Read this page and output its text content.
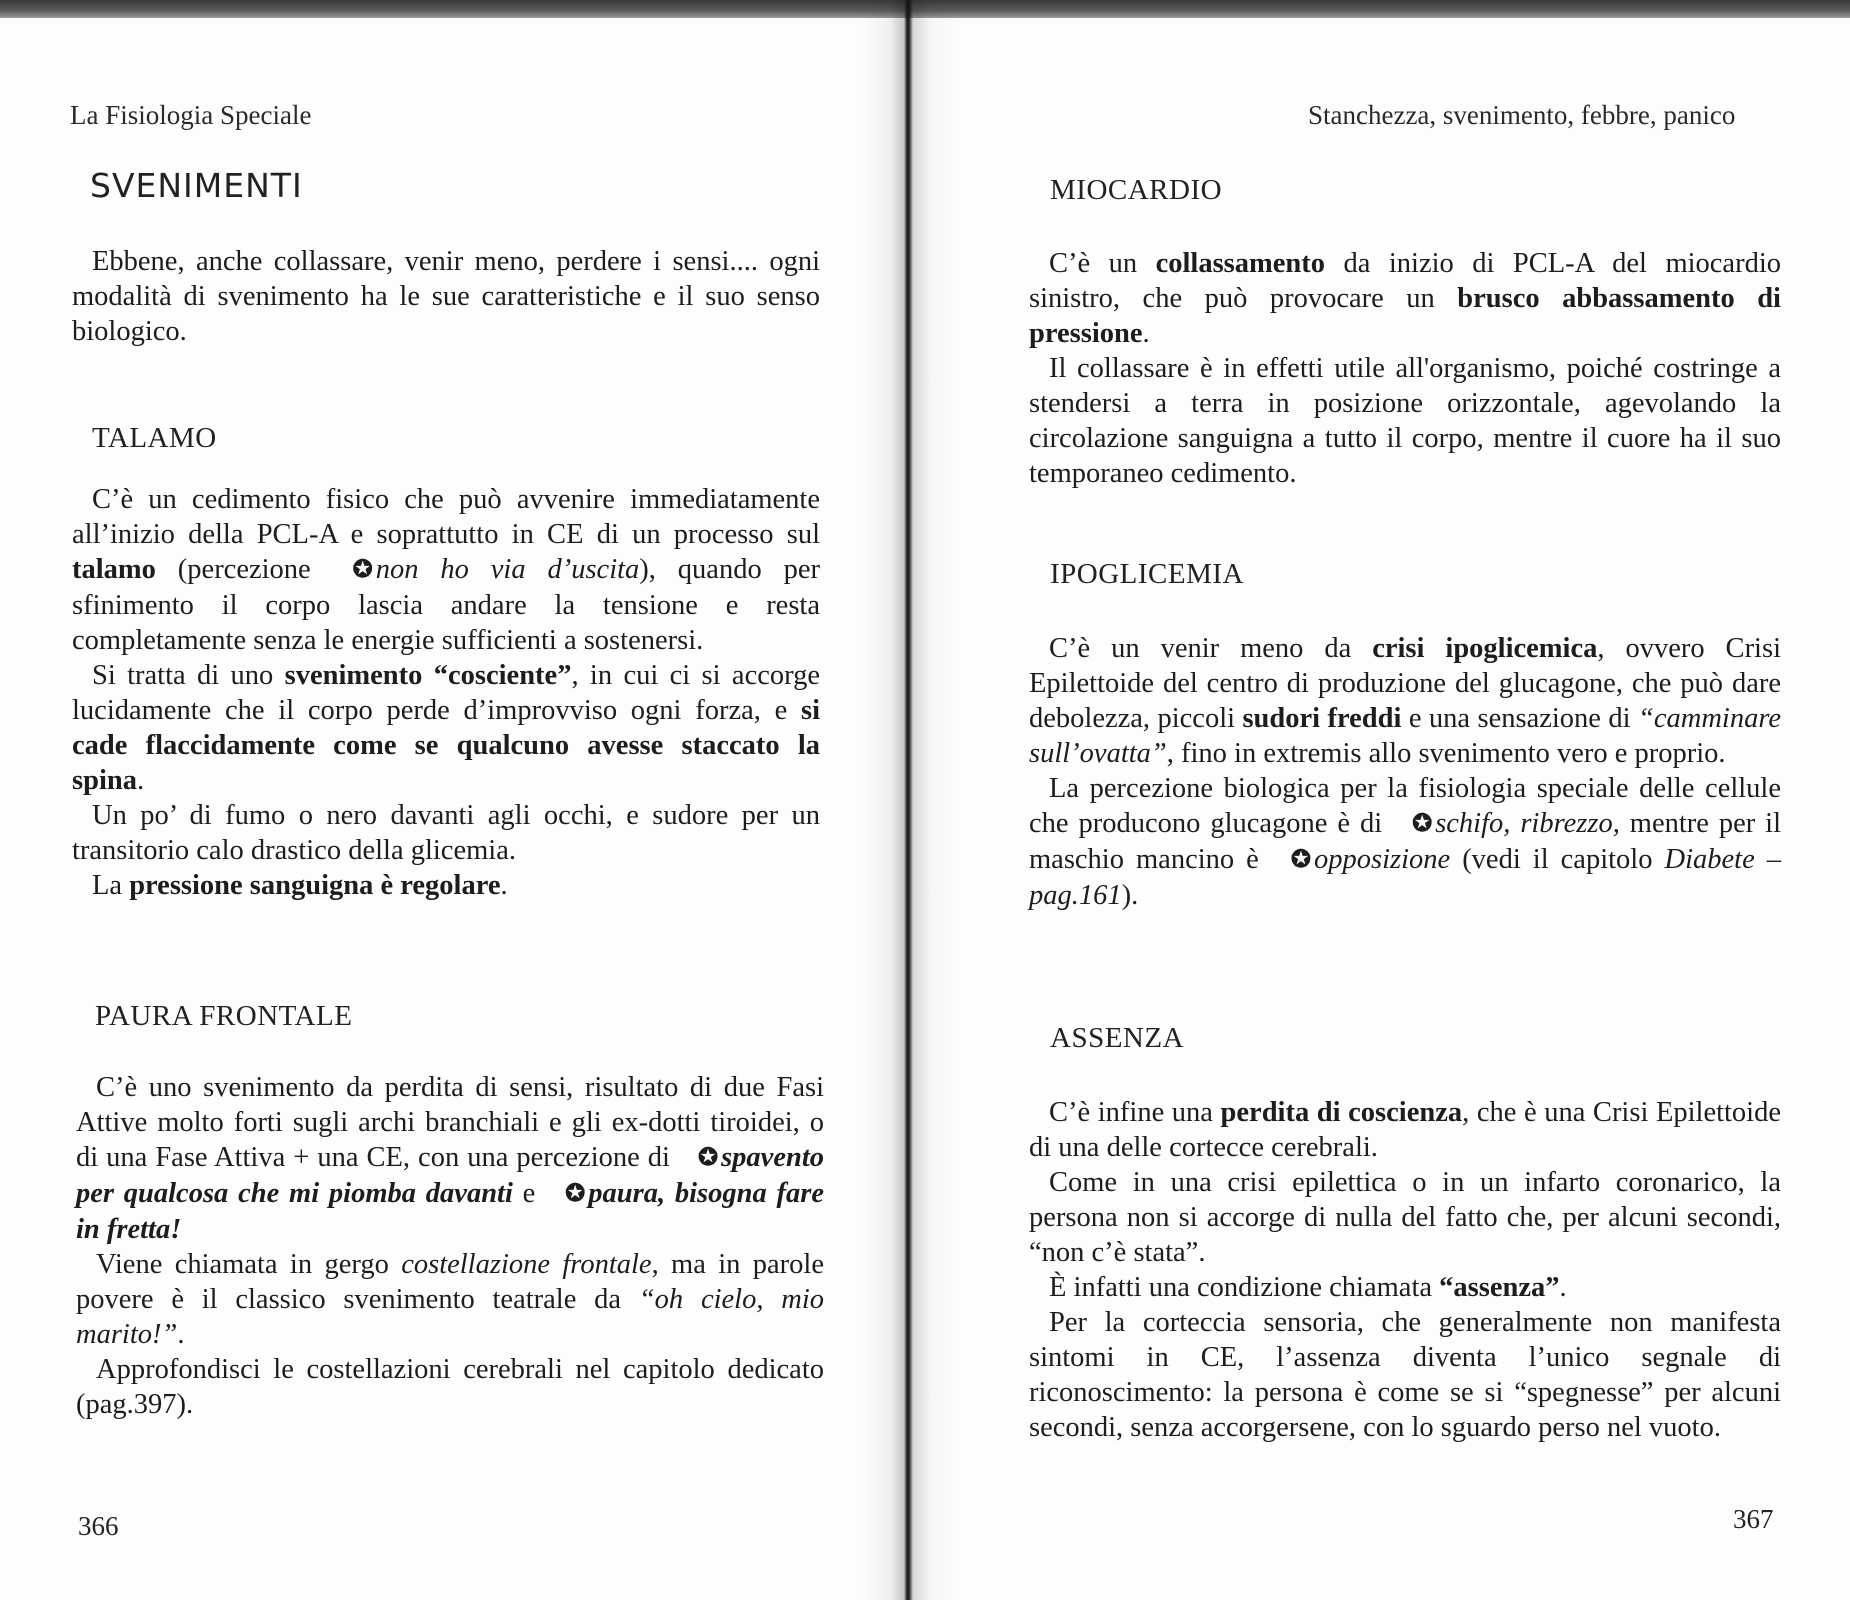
La Fisiologia Speciale
SVENIMENTI

Ebbene, anche collassare, venir meno, perdere i sensi.... ogni modalità di svenimento ha le sue caratteristiche e il suo senso biologico.

TALAMO

C’è un cedimento fisico che può avvenire immediatamente all’inizio della PCL-A e soprattutto in CE di un processo sul talamo (percezione ✪ non ho via d’uscita), quando per sfinimento il corpo lascia andare la tensione e resta completamente senza le energie sufficienti a sostenersi.

Si tratta di uno svenimento “cosciente”, in cui ci si accorge lucidamente che il corpo perde d’improvviso ogni forza, e si cade flaccidamente come se qualcuno avesse staccato la spina.

Un po’ di fumo o nero davanti agli occhi, e sudore per un transitorio calo drastico della glicemia.

La pressione sanguigna è regolare.

PAURA FRONTALE

C’è uno svenimento da perdita di sensi, risultato di due Fasi Attive molto forti sugli archi branchiali e gli ex-dotti tiroidei, o di una Fase Attiva + una CE, con una percezione di ✪ spavento per qualcosa che mi piomba davanti e ✪ paura, bisogna fare in fretta!

Viene chiamata in gergo costellazione frontale, ma in parole povere è il classico svenimento teatrale da “oh cielo, mio marito!”.

Approfondisci le costellazioni cerebrali nel capitolo dedicato (pag.397).

366
Stanchezza, svenimento, febbre, panico
MIOCARDIO

C’è un collassamento da inizio di PCL-A del miocardio sinistro, che può provocare un brusco abbassamento di pressione.

Il collassare è in effetti utile all'organismo, poiché costringe a stendersi a terra in posizione orizzontale, agevolando la circolazione sanguigna a tutto il corpo, mentre il cuore ha il suo temporaneo cedimento.

IPOGLICEMIA

C’è un venir meno da crisi ipoglicemica, ovvero Crisi Epilettoide del centro di produzione del glucagone, che può dare debolezza, piccoli sudori freddi e una sensazione di “camminare sull’ovatta”, fino in extremis allo svenimento vero e proprio.

La percezione biologica per la fisiologia speciale delle cellule che producono glucagone è di ✪ schifo, ribrezzo, mentre per il maschio mancino è ✪ opposizione (vedi il capitolo Diabete – pag.161).

ASSENZA

C’è infine una perdita di coscienza, che è una Crisi Epilettoide di una delle cortecce cerebrali.

Come in una crisi epilettica o in un infarto coronarico, la persona non si accorge di nulla del fatto che, per alcuni secondi, “non c’è stata”.

È infatti una condizione chiamata “assenza”.

Per la corteccia sensoria, che generalmente non manifesta sintomi in CE, l’assenza diventa l’unico segnale di riconoscimento: la persona è come se si “spegnesse” per alcuni secondi, senza accorgersene, con lo sguardo perso nel vuoto.

367
